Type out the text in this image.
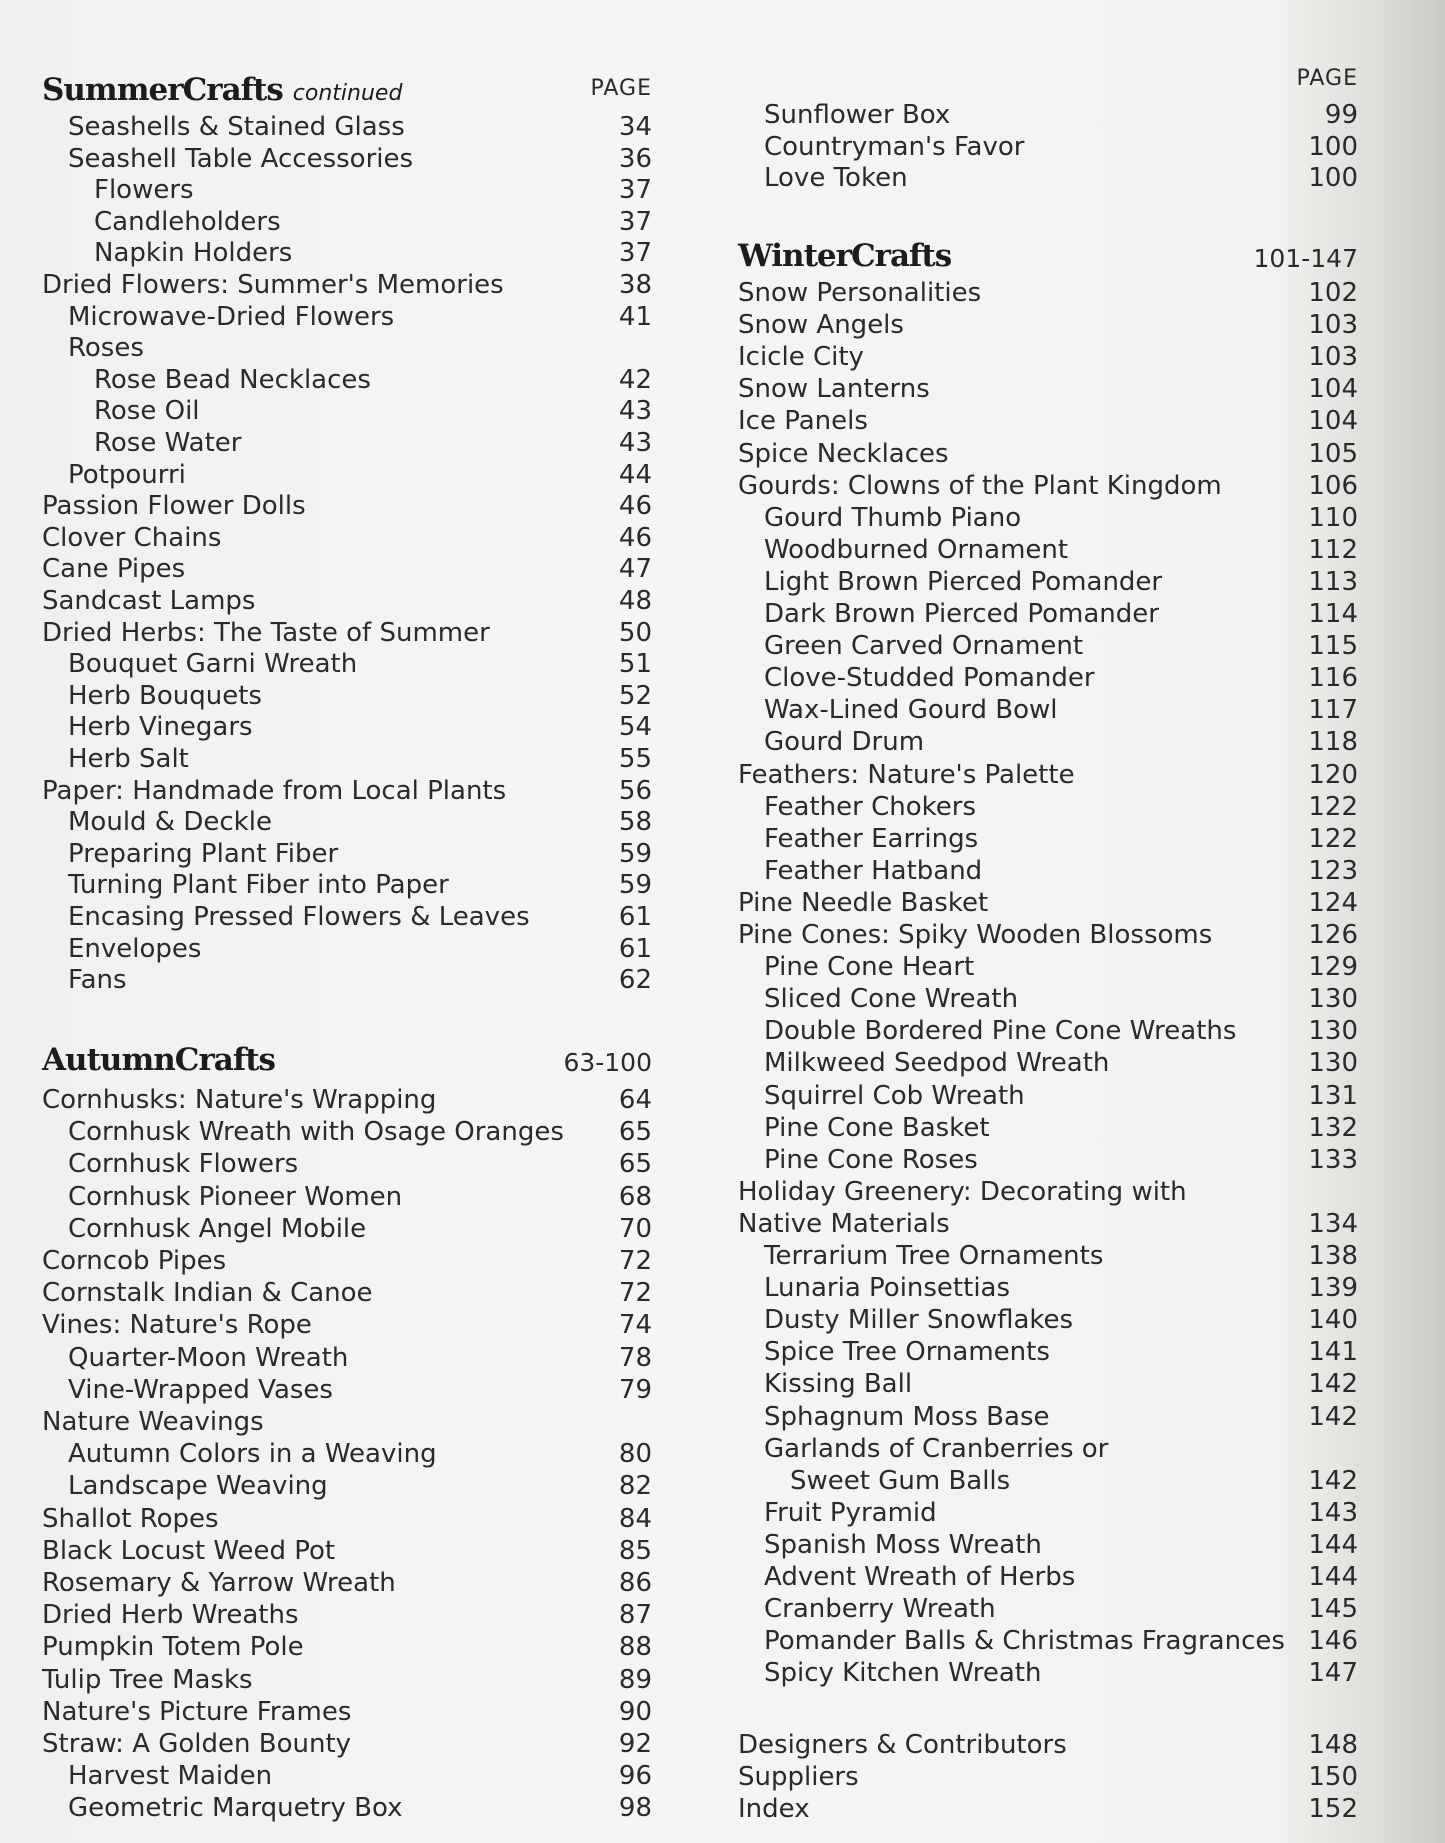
SummerCrafts continued	PAGE
Seashells & Stained Glass	34
Seashell Table Accessories	36
Flowers	37
Candleholders	37
Napkin Holders	37
Dried Flowers: Summer's Memories	38
Microwave-Dried Flowers	41
Roses
Rose Bead Necklaces	42
Rose Oil	43
Rose Water	43
Potpourri	44
Passion Flower Dolls	46
Clover Chains	46
Cane Pipes	47
Sandcast Lamps	48
Dried Herbs: The Taste of Summer	50
Bouquet Garni Wreath	51
Herb Bouquets	52
Herb Vinegars	54
Herb Salt	55
Paper: Handmade from Local Plants	56
Mould & Deckle	58
Preparing Plant Fiber	59
Turning Plant Fiber into Paper	59
Encasing Pressed Flowers & Leaves	61
Envelopes	61
Fans	62
AutumnCrafts	63-100
Cornhusks: Nature's Wrapping	64
Cornhusk Wreath with Osage Oranges 65
Cornhusk Flowers	65
Cornhusk Pioneer Women	68
Cornhusk Angel Mobile	70
Corncob Pipes	72
Cornstalk Indian & Canoe	72
Vines: Nature's Rope	74
Quarter-Moon Wreath	78
Vine-Wrapped Vases	79
Nature Weavings
Autumn Colors in a Weaving	80
Landscape Weaving	82
Shallot Ropes	84
Black Locust Weed Pot	85
Rosemary & Yarrow Wreath	86
Dried Herb Wreaths	87
Pumpkin Totem Pole	88
Tulip Tree Masks	89
Nature's Picture Frames	90
Straw: A Golden Bounty	92
Harvest Maiden	96
Geometric Marquetry Box	98
PAGE
Sunflower Box	99
Countryman's Favor	100
Love Token	100
WinterCrafts	101-147
Snow Personalities	102
Snow Angels	103
Icicle City	103
Snow Lanterns	104
Ice Panels	104
Spice Necklaces	105
Gourds: Clowns of the Plant Kingdom	106
Gourd Thumb Piano	110
Woodburned Ornament	112
Light Brown Pierced Pomander	113
Dark Brown Pierced Pomander	114
Green Carved Ornament	115
Clove-Studded Pomander	116
Wax-Lined Gourd Bowl	117
Gourd Drum	118
Feathers: Nature's Palette	120
Feather Chokers	122
Feather Earrings	122
Feather Hatband	123
Pine Needle Basket	124
Pine Cones: Spiky Wooden Blossoms	126
Pine Cone Heart	129
Sliced Cone Wreath	130
Double Bordered Pine Cone Wreaths	130
Milkweed Seedpod Wreath	130
Squirrel Cob Wreath	131
Pine Cone Basket	132
Pine Cone Roses	133
Holiday Greenery: Decorating with
Native Materials	134
Terrarium Tree Ornaments	138
Lunaria Poinsettias	139
Dusty Miller Snowflakes	140
Spice Tree Ornaments	141
Kissing Ball	142
Sphagnum Moss Base	142
Garlands of Cranberries or
Sweet Gum Balls	142
Fruit Pyramid	143
Spanish Moss Wreath	144
Advent Wreath of Herbs	144
Cranberry Wreath	145
Pomander Balls & Christmas Fragrances 146
Spicy Kitchen Wreath	147
Designers & Contributors	148
Suppliers	150
Index	152
